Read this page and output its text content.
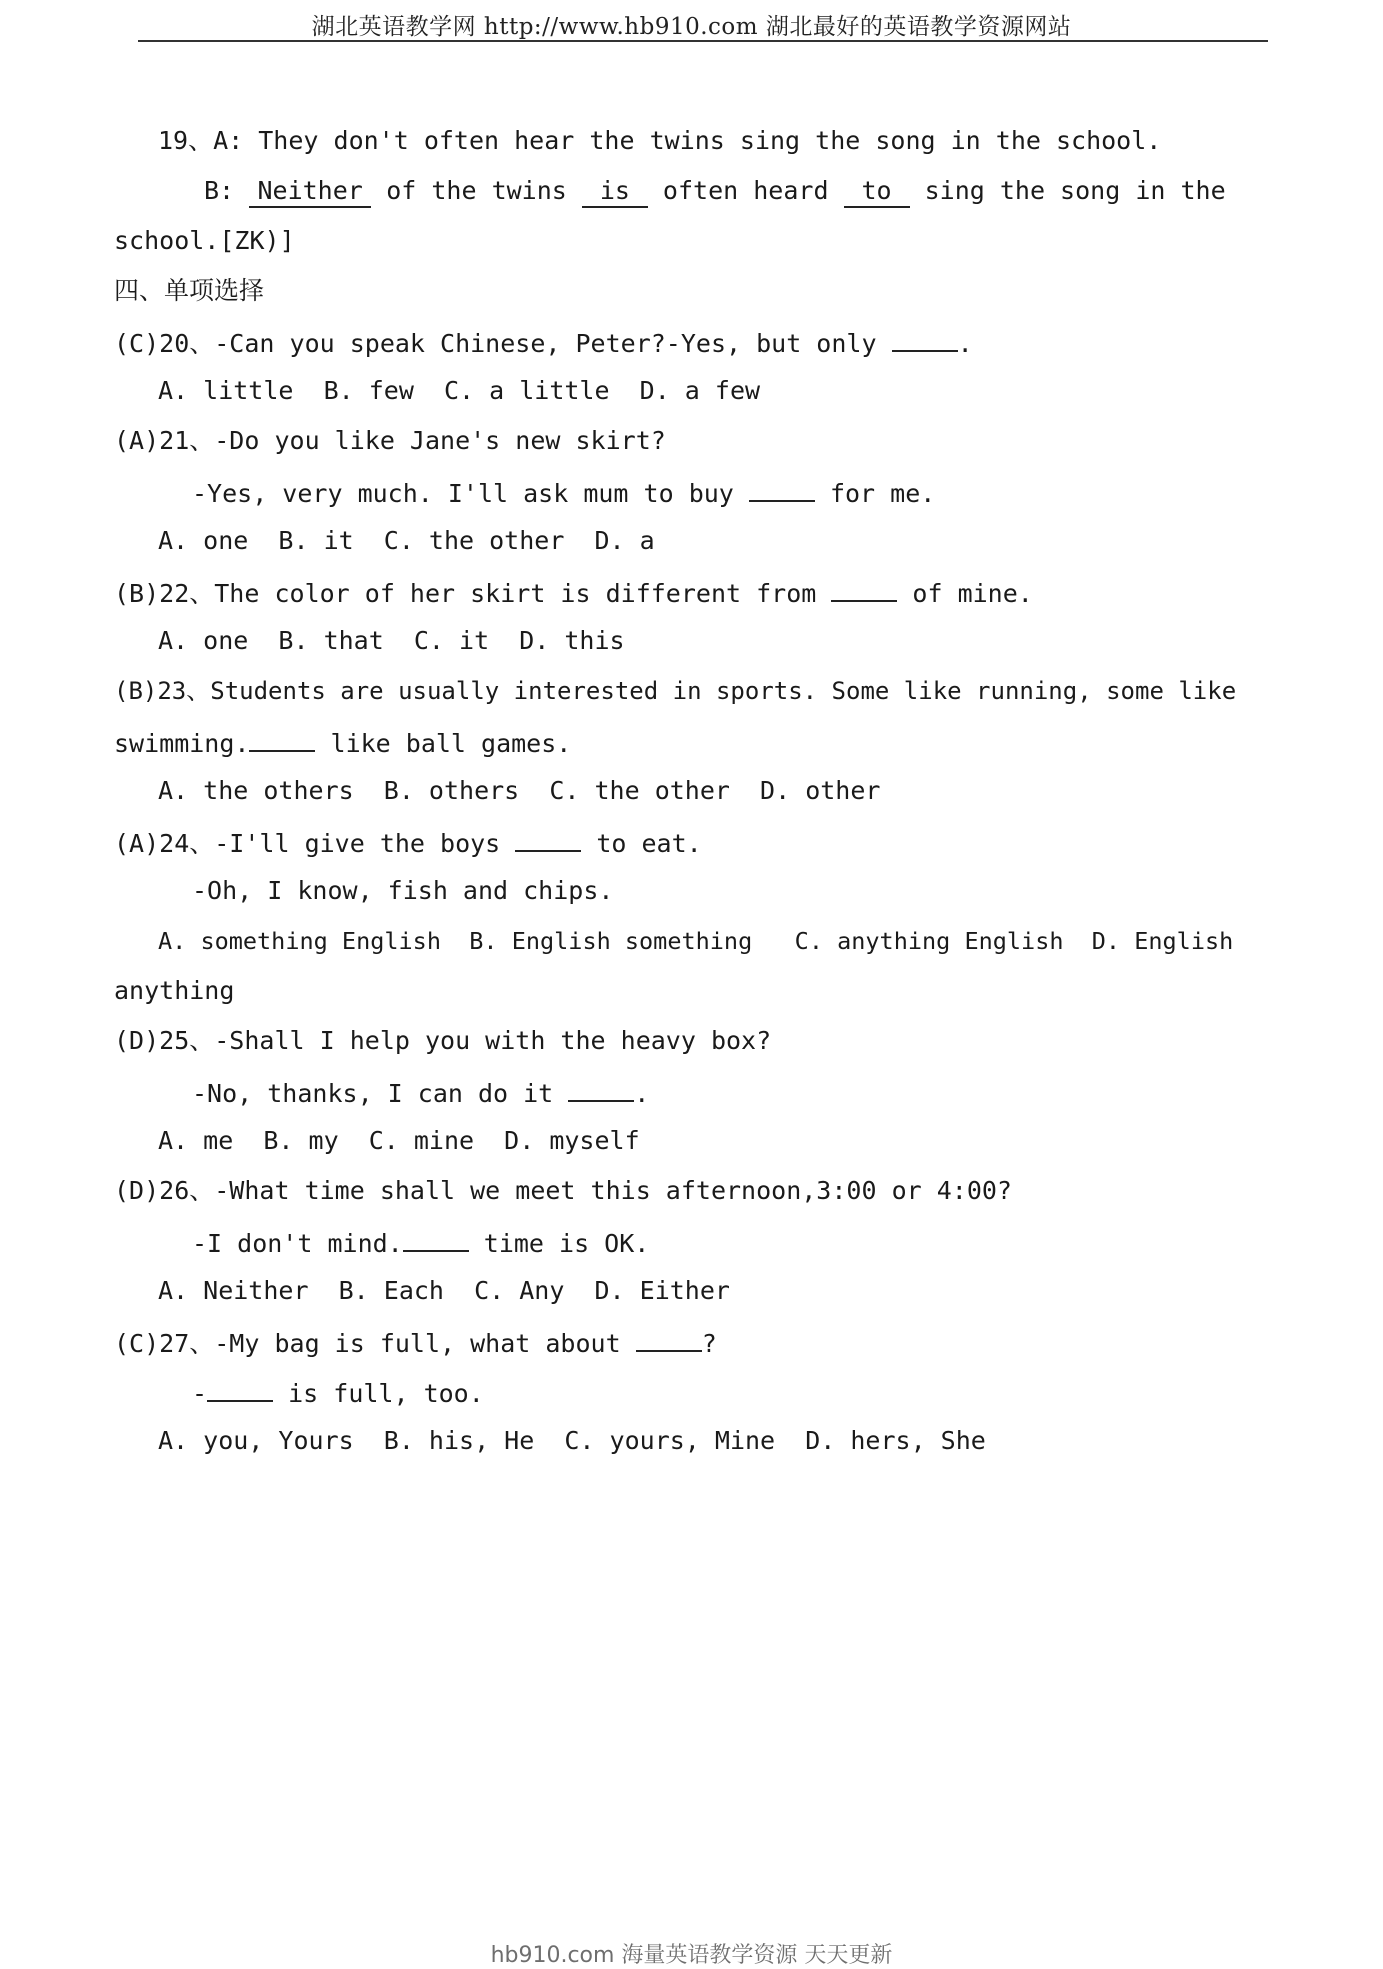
湖北英语教学网 http://www.hb910.com 湖北最好的英语教学资源网站
19、A: They don't often hear the twins sing the song in the school.
B: Neither of the twins is often heard to sing the song in the
school.[ZK)]
四、单项选择
(C)20、-Can you speak Chinese, Peter?-Yes, but only	.
A. little  B. few  C. a little  D. a few
(A)21、-Do you like Jane's new skirt?
-Yes, very much. I'll ask mum to buy	for me.
A. one  B. it  C. the other  D. a
(B)22、The color of her skirt is different from	of mine.
A. one  B. that  C. it  D. this
(B)23、Students are usually interested in sports. Some like running, some like
swimming.	like ball games.
A. the others  B. others  C. the other  D. other
(A)24、-I'll give the boys	to eat.
-Oh, I know, fish and chips.
A. something English  B. English something   C. anything English  D. English
anything
(D)25、-Shall I help you with the heavy box?
-No, thanks, I can do it	.
A. me  B. my  C. mine  D. myself
(D)26、-What time shall we meet this afternoon,3:00 or 4:00?
-I don't mind.	time is OK.
A. Neither  B. Each  C. Any  D. Either
(C)27、-My bag is full, what about	?
-	is full, too.
A. you, Yours  B. his, He  C. yours, Mine  D. hers, She
hb910.com 海量英语教学资源 天天更新
